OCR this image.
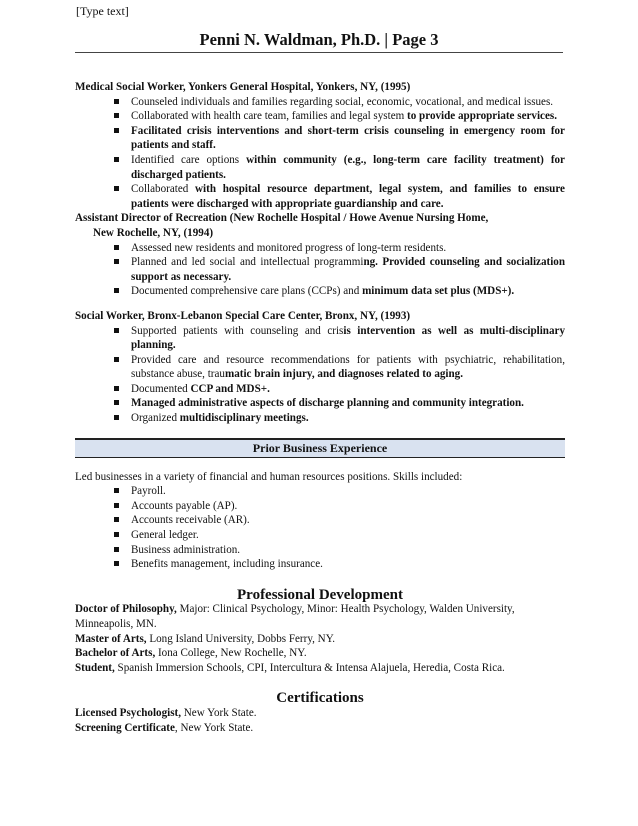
[Type text]
Penni N. Waldman, Ph.D. | Page 3

Medical Social Worker, Yonkers General Hospital, Yonkers, NY, (1995)

Counseled individuals and families regarding social, economic, vocational, and medical issues.
Collaborated with health care team, families and legal system to provide appropriate services.
Facilitated crisis interventions and short-term crisis counseling in emergency room for patients and staff.
Identified care options within community (e.g., long-term care facility treatment) for discharged patients.
Collaborated with hospital resource department, legal system, and families to ensure patients were discharged with appropriate guardianship and care.

Assistant Director of Recreation (New Rochelle Hospital / Howe Avenue Nursing Home,

New Rochelle, NY, (1994)

Assessed new residents and monitored progress of long-term residents.
Planned and led social and intellectual programming. Provided counseling and socialization support as necessary.
Documented comprehensive care plans (CCPs) and minimum data set plus (MDS+).

Social Worker, Bronx-Lebanon Special Care Center, Bronx, NY, (1993)

Supported patients with counseling and crisis intervention as well as multi-disciplinary planning.
Provided care and resource recommendations for patients with psychiatric, rehabilitation, substance abuse, traumatic brain injury, and diagnoses related to aging.
Documented CCP and MDS+.
Managed administrative aspects of discharge planning and community integration.
Organized multidisciplinary meetings.
Prior Business Experience

Led businesses in a variety of financial and human resources positions. Skills included:

Payroll.
Accounts payable (AP).
Accounts receivable (AR).
General ledger.
Business administration.
Benefits management, including insurance.

Professional Development

Doctor of Philosophy, Major: Clinical Psychology, Minor: Health Psychology, Walden University, Minneapolis, MN.

Master of Arts, Long Island University, Dobbs Ferry, NY.

Bachelor of Arts, Iona College, New Rochelle, NY.

Student, Spanish Immersion Schools, CPI, Intercultura & Intensa Alajuela, Heredia, Costa Rica.

Certifications

Licensed Psychologist, New York State.

Screening Certificate, New York State.
